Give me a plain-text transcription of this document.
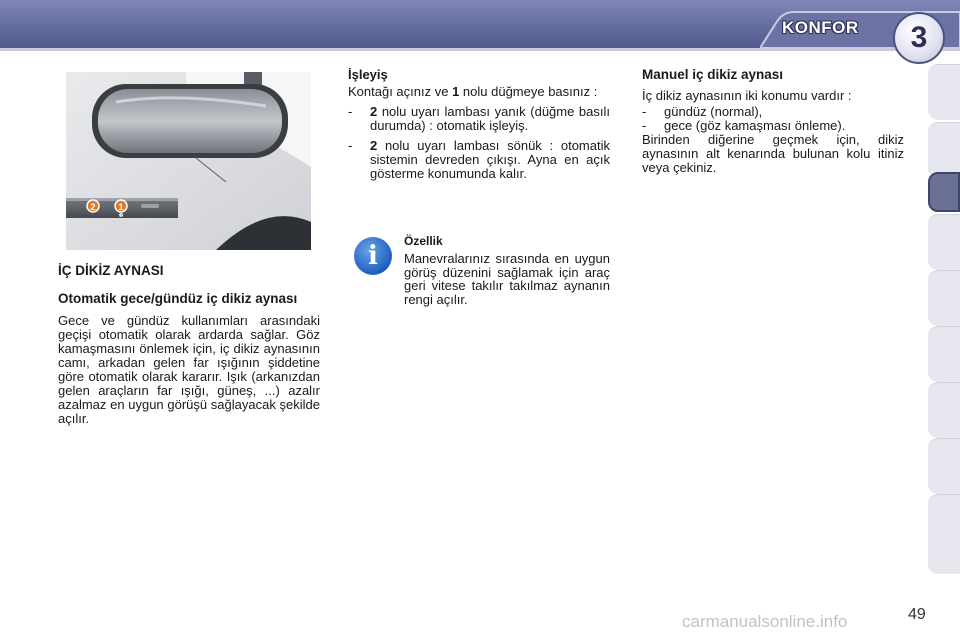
KONFOR 3
2	1
İÇ DİKİZ AYNASI
Otomatik gece/gündüz iç dikiz aynası

Gece ve gündüz kullanımları arasındaki geçişi otomatik olarak ardarda sağlar. Göz kamaşmasını önlemek için, iç dikiz aynasının camı, arkadan gelen far ışığının şiddetine göre otomatik olarak kararır. Işık (arkanızdan gelen araçların far ışığı, güneş, ...) azalır azalmaz en uygun görüşü sağlayacak şekilde açılır.

İşleyiş

Kontağı açınız ve 1 nolu düğmeye basınız :

-	2 nolu uyarı lambası yanık (düğme basılı durumda) : otomatik işleyiş.
-	2 nolu uyarı lambası sönük : otomatik sistemin devreden çıkışı. Ayna en açık gösterme konumunda kalır.
i	Özellik

Manevralarınız sırasında en uygun görüş düzenini sağlamak için araç geri vitese takılır takılmaz aynanın rengi açılır.

Manuel iç dikiz aynası

İç dikiz aynasının iki konumu vardır :

-	gündüz (normal),
-	gece (göz kamaşması önleme).

Birinden diğerine geçmek için, dikiz aynasının alt kenarında bulunan kolu itiniz veya çekiniz.

carmanualsonline.info	49
